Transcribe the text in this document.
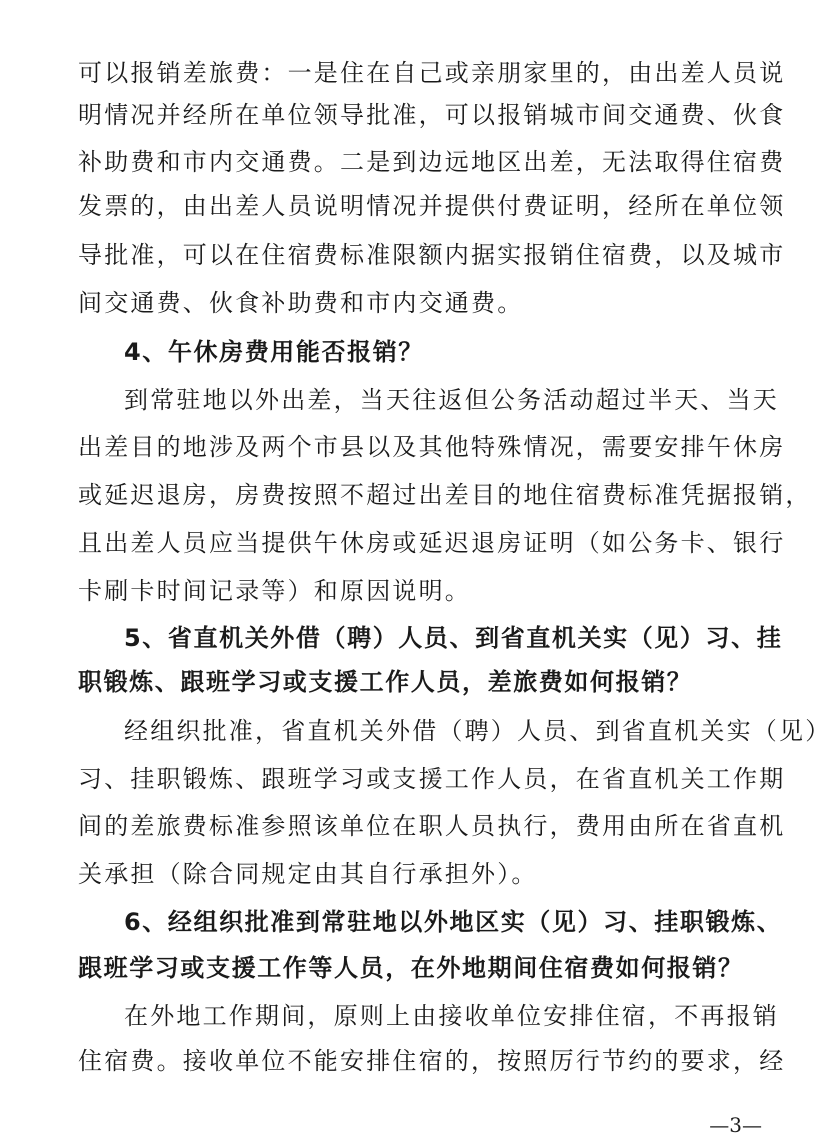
可以报销差旅费：一是住在自己或亲朋家里的，由出差人员说
明情况并经所在单位领导批准，可以报销城市间交通费、伙食
补助费和市内交通费。二是到边远地区出差，无法取得住宿费
发票的，由出差人员说明情况并提供付费证明，经所在单位领
导批准，可以在住宿费标准限额内据实报销住宿费，以及城市
间交通费、伙食补助费和市内交通费。
4、午休房费用能否报销？
到常驻地以外出差，当天往返但公务活动超过半天、当天
出差目的地涉及两个市县以及其他特殊情况，需要安排午休房
或延迟退房，房费按照不超过出差目的地住宿费标准凭据报销，
且出差人员应当提供午休房或延迟退房证明（如公务卡、银行
卡刷卡时间记录等）和原因说明。
5、省直机关外借（聘）人员、到省直机关实（见）习、挂
职锻炼、跟班学习或支援工作人员，差旅费如何报销？
经组织批准，省直机关外借（聘）人员、到省直机关实（见）
习、挂职锻炼、跟班学习或支援工作人员，在省直机关工作期
间的差旅费标准参照该单位在职人员执行，费用由所在省直机
关承担（除合同规定由其自行承担外）。
6、经组织批准到常驻地以外地区实（见）习、挂职锻炼、
跟班学习或支援工作等人员，在外地期间住宿费如何报销？
在外地工作期间，原则上由接收单位安排住宿，不再报销
住宿费。接收单位不能安排住宿的，按照厉行节约的要求，经
—3—
